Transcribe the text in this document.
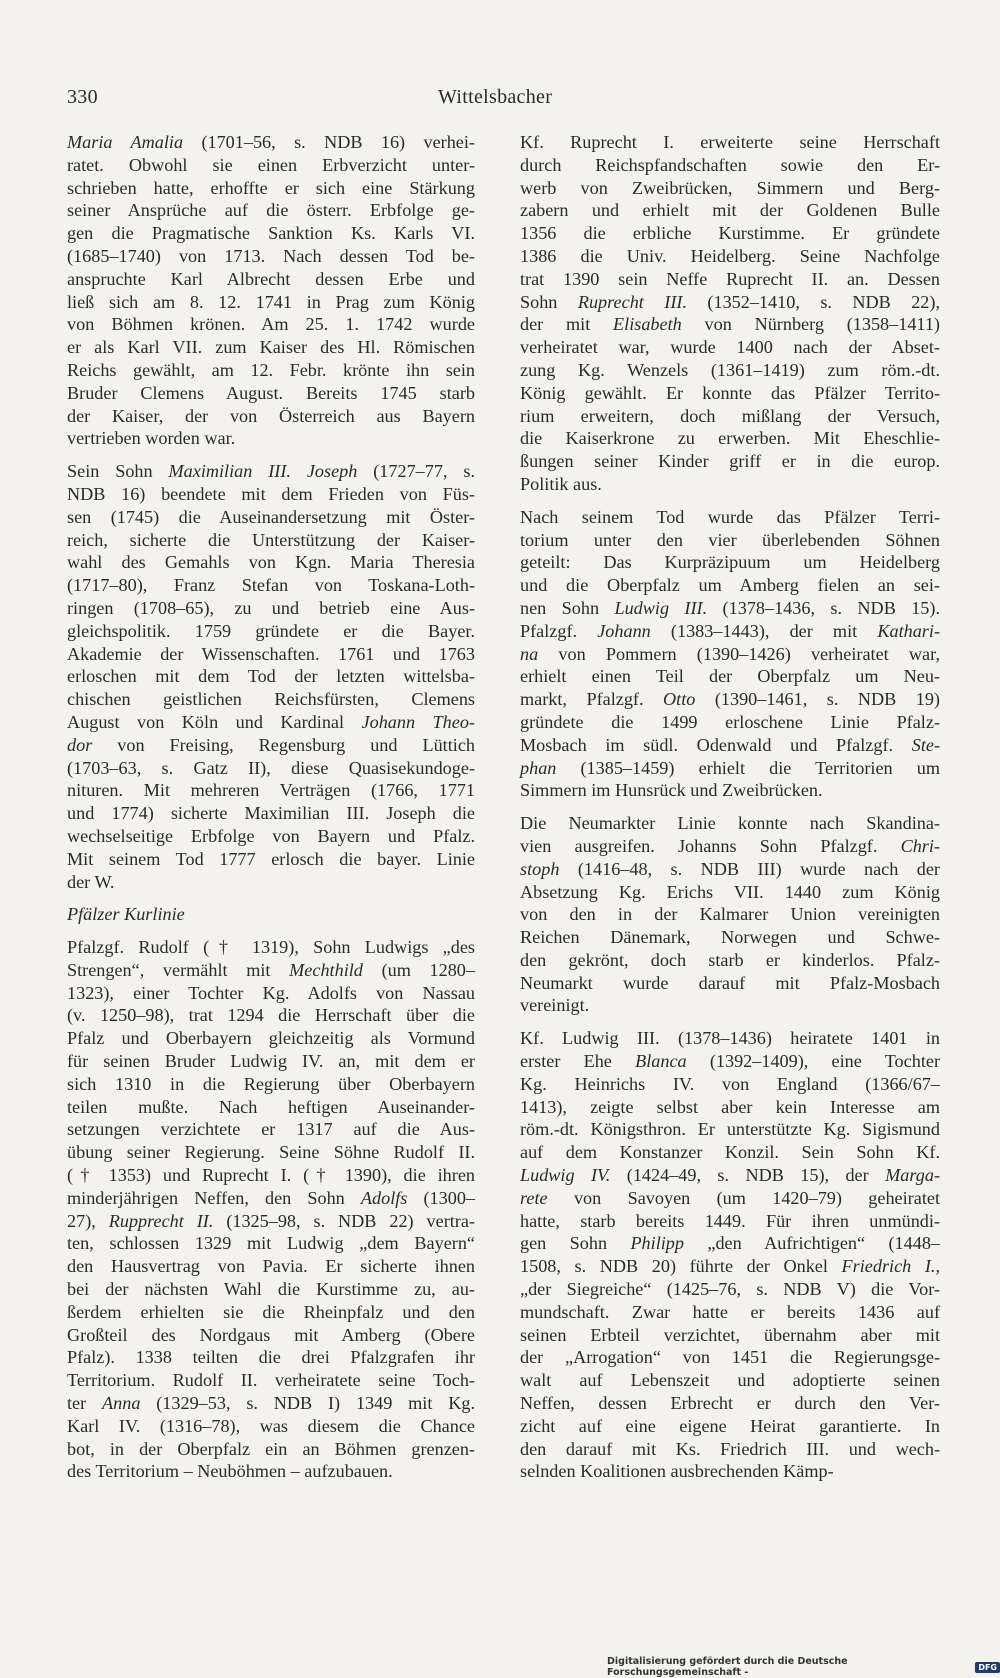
330	Wittelsbacher
Maria Amalia (1701–56, s. NDB 16) verhei-
ratet. Obwohl sie einen Erbverzicht unter-
schrieben hatte, erhoffte er sich eine Stärkung
seiner Ansprüche auf die österr. Erbfolge ge-
gen die Pragmatische Sanktion Ks. Karls VI.
(1685–1740) von 1713. Nach dessen Tod be-
anspruchte Karl Albrecht dessen Erbe und
ließ sich am 8. 12. 1741 in Prag zum König
von Böhmen krönen. Am 25. 1. 1742 wurde
er als Karl VII. zum Kaiser des Hl. Römischen
Reichs gewählt, am 12. Febr. krönte ihn sein
Bruder Clemens August. Bereits 1745 starb
der Kaiser, der von Österreich aus Bayern
vertrieben worden war.
Sein Sohn Maximilian III. Joseph (1727–77, s.
NDB 16) beendete mit dem Frieden von Füs-
sen (1745) die Auseinandersetzung mit Öster-
reich, sicherte die Unterstützung der Kaiser-
wahl des Gemahls von Kgn. Maria Theresia
(1717–80), Franz Stefan von Toskana-Loth-
ringen (1708–65), zu und betrieb eine Aus-
gleichspolitik. 1759 gründete er die Bayer.
Akademie der Wissenschaften. 1761 und 1763
erloschen mit dem Tod der letzten wittelsba-
chischen geistlichen Reichsfürsten, Clemens
August von Köln und Kardinal Johann Theo-
dor von Freising, Regensburg und Lüttich
(1703–63, s. Gatz II), diese Quasisekundoge-
nituren. Mit mehreren Verträgen (1766, 1771
und 1774) sicherte Maximilian III. Joseph die
wechselseitige Erbfolge von Bayern und Pfalz.
Mit seinem Tod 1777 erlosch die bayer. Linie
der W.
Pfälzer Kurlinie
Pfalzgf. Rudolf († 1319), Sohn Ludwigs „des
Strengen“, vermählt mit Mechthild (um 1280–
1323), einer Tochter Kg. Adolfs von Nassau
(v. 1250–98), trat 1294 die Herrschaft über die
Pfalz und Oberbayern gleichzeitig als Vormund
für seinen Bruder Ludwig IV. an, mit dem er
sich 1310 in die Regierung über Oberbayern
teilen mußte. Nach heftigen Auseinander-
setzungen verzichtete er 1317 auf die Aus-
übung seiner Regierung. Seine Söhne Rudolf II.
(† 1353) und Ruprecht I. († 1390), die ihren
minderjährigen Neffen, den Sohn Adolfs (1300–
27), Rupprecht II. (1325–98, s. NDB 22) vertra-
ten, schlossen 1329 mit Ludwig „dem Bayern“
den Hausvertrag von Pavia. Er sicherte ihnen
bei der nächsten Wahl die Kurstimme zu, au-
ßerdem erhielten sie die Rheinpfalz und den
Großteil des Nordgaus mit Amberg (Obere
Pfalz). 1338 teilten die drei Pfalzgrafen ihr
Territorium. Rudolf II. verheiratete seine Toch-
ter Anna (1329–53, s. NDB I) 1349 mit Kg.
Karl IV. (1316–78), was diesem die Chance
bot, in der Oberpfalz ein an Böhmen grenzen-
des Territorium – Neuböhmen – aufzubauen.
Kf. Ruprecht I. erweiterte seine Herrschaft
durch Reichspfandschaften sowie den Er-
werb von Zweibrücken, Simmern und Berg-
zabern und erhielt mit der Goldenen Bulle
1356 die erbliche Kurstimme. Er gründete
1386 die Univ. Heidelberg. Seine Nachfolge
trat 1390 sein Neffe Ruprecht II. an. Dessen
Sohn Ruprecht III. (1352–1410, s. NDB 22),
der mit Elisabeth von Nürnberg (1358–1411)
verheiratet war, wurde 1400 nach der Abset-
zung Kg. Wenzels (1361–1419) zum röm.-dt.
König gewählt. Er konnte das Pfälzer Territo-
rium erweitern, doch mißlang der Versuch,
die Kaiserkrone zu erwerben. Mit Eheschlie-
ßungen seiner Kinder griff er in die europ.
Politik aus.
Nach seinem Tod wurde das Pfälzer Terri-
torium unter den vier überlebenden Söhnen
geteilt: Das Kurpräzipuum um Heidelberg
und die Oberpfalz um Amberg fielen an sei-
nen Sohn Ludwig III. (1378–1436, s. NDB 15).
Pfalzgf. Johann (1383–1443), der mit Kathari-
na von Pommern (1390–1426) verheiratet war,
erhielt einen Teil der Oberpfalz um Neu-
markt, Pfalzgf. Otto (1390–1461, s. NDB 19)
gründete die 1499 erloschene Linie Pfalz-
Mosbach im südl. Odenwald und Pfalzgf. Ste-
phan (1385–1459) erhielt die Territorien um
Simmern im Hunsrück und Zweibrücken.
Die Neumarkter Linie konnte nach Skandina-
vien ausgreifen. Johanns Sohn Pfalzgf. Chri-
stoph (1416–48, s. NDB III) wurde nach der
Absetzung Kg. Erichs VII. 1440 zum König
von den in der Kalmarer Union vereinigten
Reichen Dänemark, Norwegen und Schwe-
den gekrönt, doch starb er kinderlos. Pfalz-
Neumarkt wurde darauf mit Pfalz-Mosbach
vereinigt.
Kf. Ludwig III. (1378–1436) heiratete 1401 in
erster Ehe Blanca (1392–1409), eine Tochter
Kg. Heinrichs IV. von England (1366/67–
1413), zeigte selbst aber kein Interesse am
röm.-dt. Königsthron. Er unterstützte Kg. Sigismund
auf dem Konstanzer Konzil. Sein Sohn Kf.
Ludwig IV. (1424–49, s. NDB 15), der Marga-
rete von Savoyen (um 1420–79) geheiratet
hatte, starb bereits 1449. Für ihren unmündi-
gen Sohn Philipp „den Aufrichtigen“ (1448–
1508, s. NDB 20) führte der Onkel Friedrich I.,
„der Siegreiche“ (1425–76, s. NDB V) die Vor-
mundschaft. Zwar hatte er bereits 1436 auf
seinen Erbteil verzichtet, übernahm aber mit
der „Arrogation“ von 1451 die Regierungsge-
walt auf Lebenszeit und adoptierte seinen
Neffen, dessen Erbrecht er durch den Ver-
zicht auf eine eigene Heirat garantierte. In
den darauf mit Ks. Friedrich III. und wech-
selnden Koalitionen ausbrechenden Kämp-
Digitalisierung gefördert durch die Deutsche Forschungsgemeinschaft -	DFG
